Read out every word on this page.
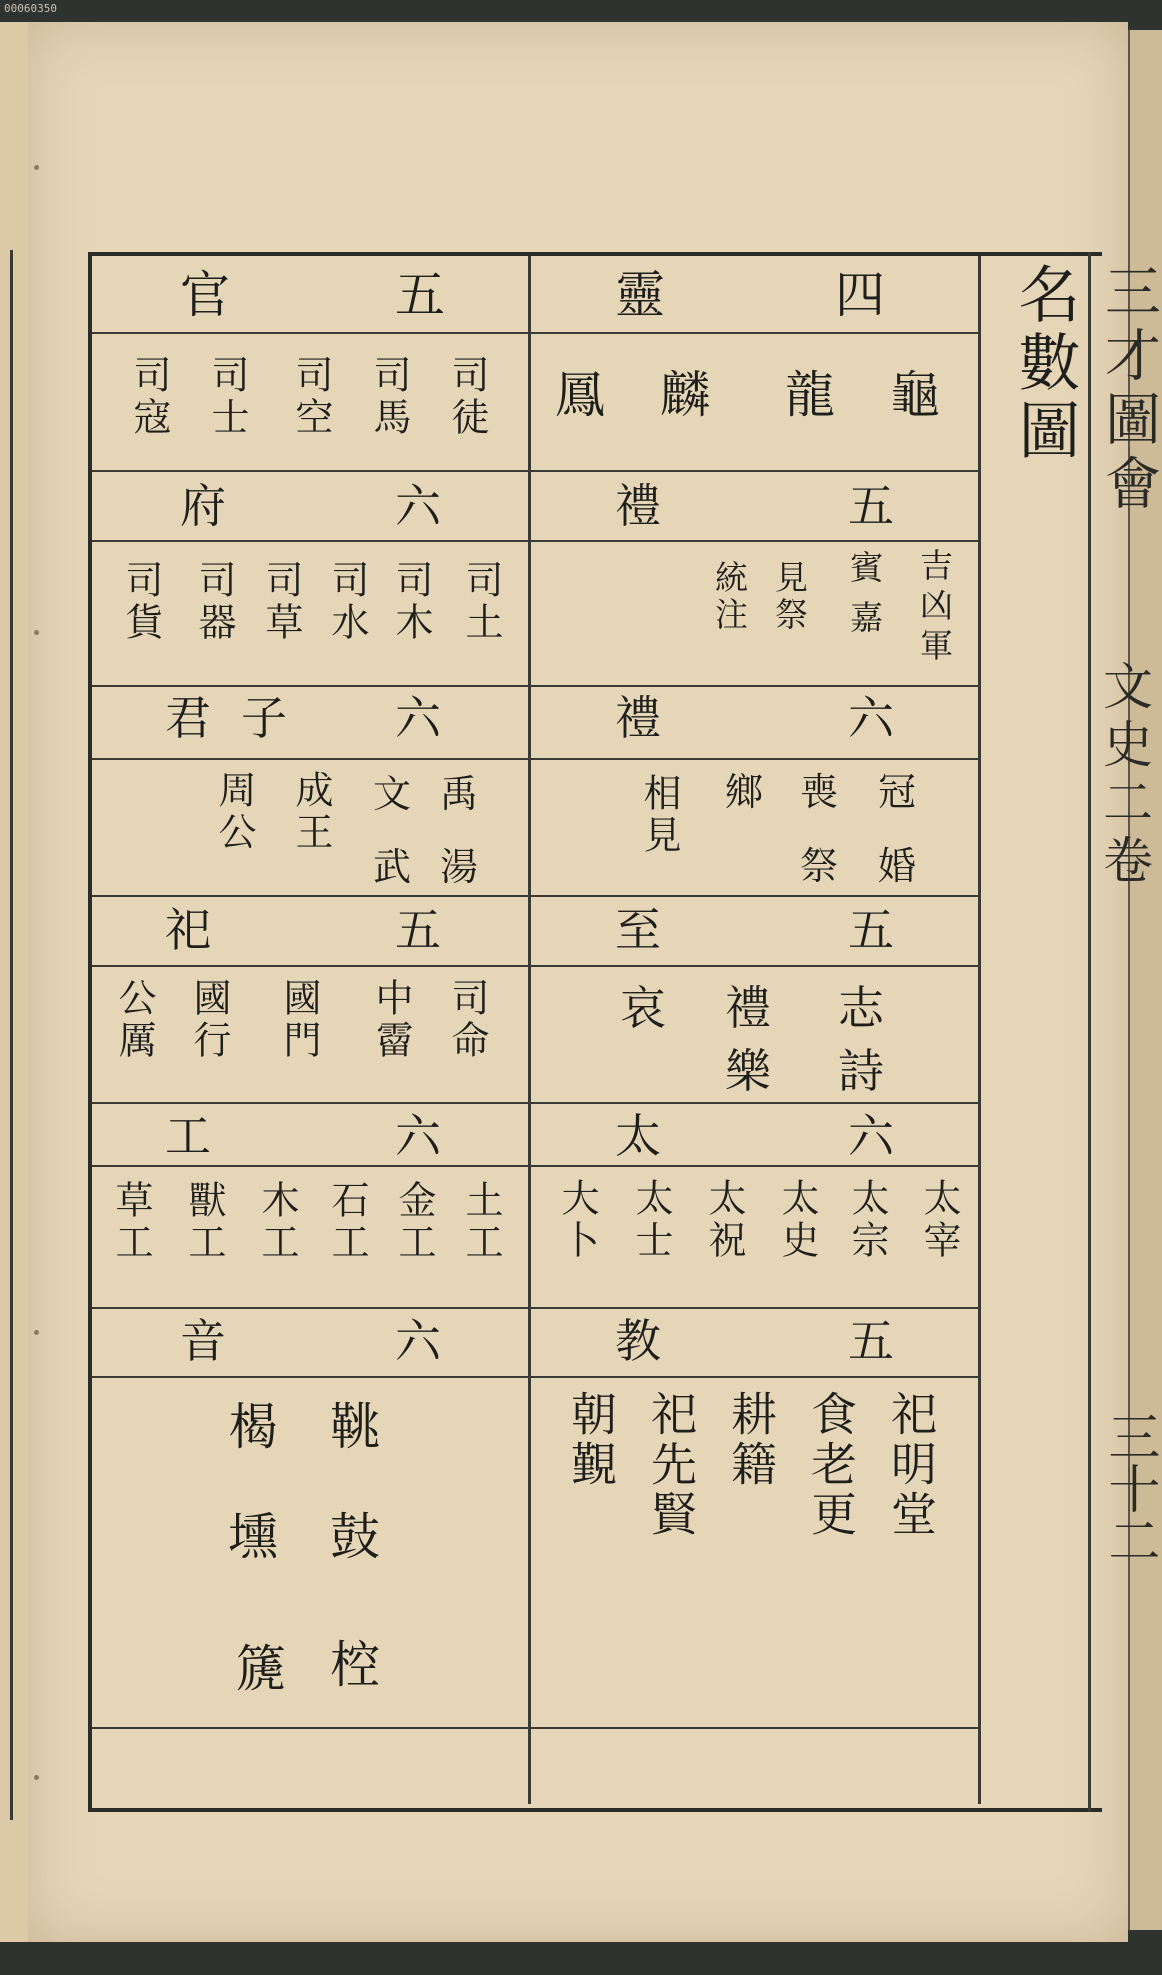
00060350
三才圖會
文史二卷
三十二
名數圖
四
靈
龜
龍
麟
鳳
五
禮
吉
凶
軍
賓
嘉
見祭
統注
六
禮
冠
婚
喪
祭
鄉
相見
五
至
志
詩
禮
樂
哀
六
太
太宰
太宗
太史
太祝
太士
大卜
五
教
祀明堂
食老更
耕籍
祀先賢
朝覲
五
官
司徒
司馬
司空
司士
司寇
六
府
司土
司木
司水
司草
司器
司貨
六
君子
禹
湯
文
武
成王
周公
五
祀
司命
中霤
國門
國行
公厲
六
工
土工
金工
石工
木工
獸工
草工
六
音
鞉
鼓
椌
楬
壎
篪
